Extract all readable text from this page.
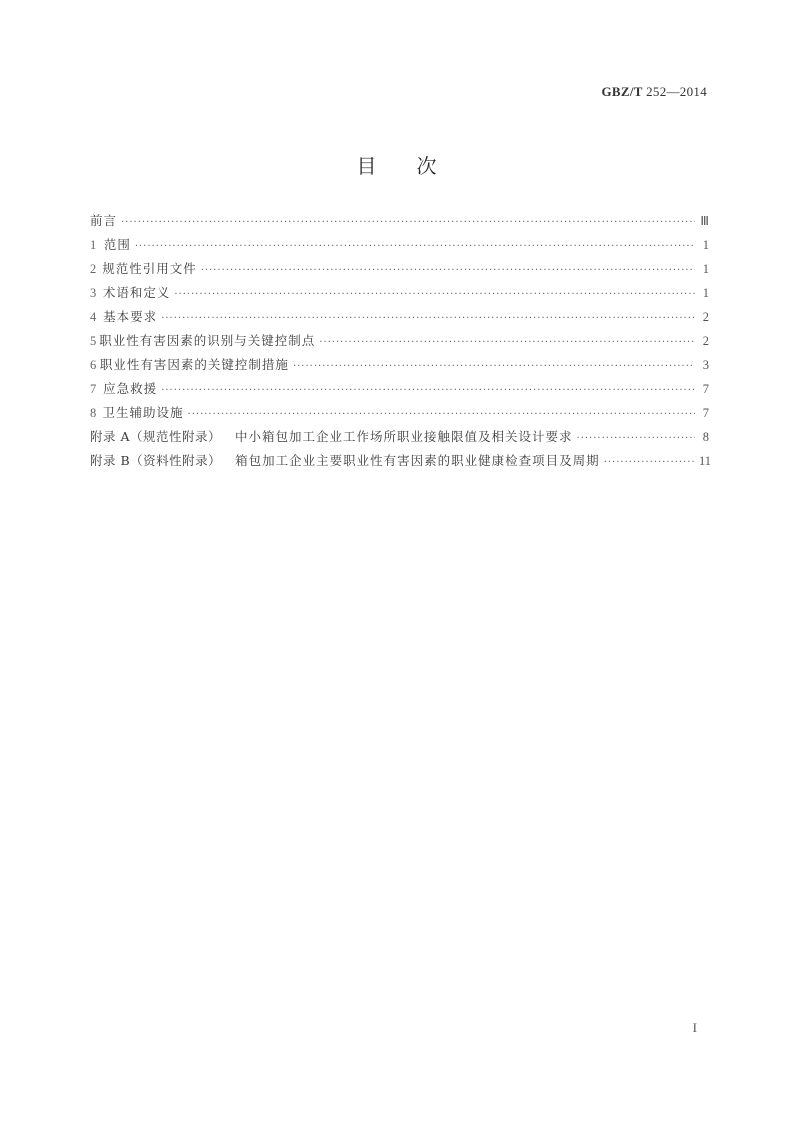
GBZ/T 252—2014
目次
前言 ·····	Ⅲ
1 范围 ·····	1
2 规范性引用文件 ·····	1
3 术语和定义 ·····	1
4 基本要求 ·····	2
5 职业性有害因素的识别与关键控制点 ·····	2
6 职业性有害因素的关键控制措施 ·····	3
7 应急救援 ·····	7
8 卫生辅助设施 ·····	7
附录 A（规范性附录） 中小箱包加工企业工作场所职业接触限值及相关设计要求 ·····	8
附录 B（资料性附录） 箱包加工企业主要职业性有害因素的职业健康检查项目及周期 ·····	11
I
